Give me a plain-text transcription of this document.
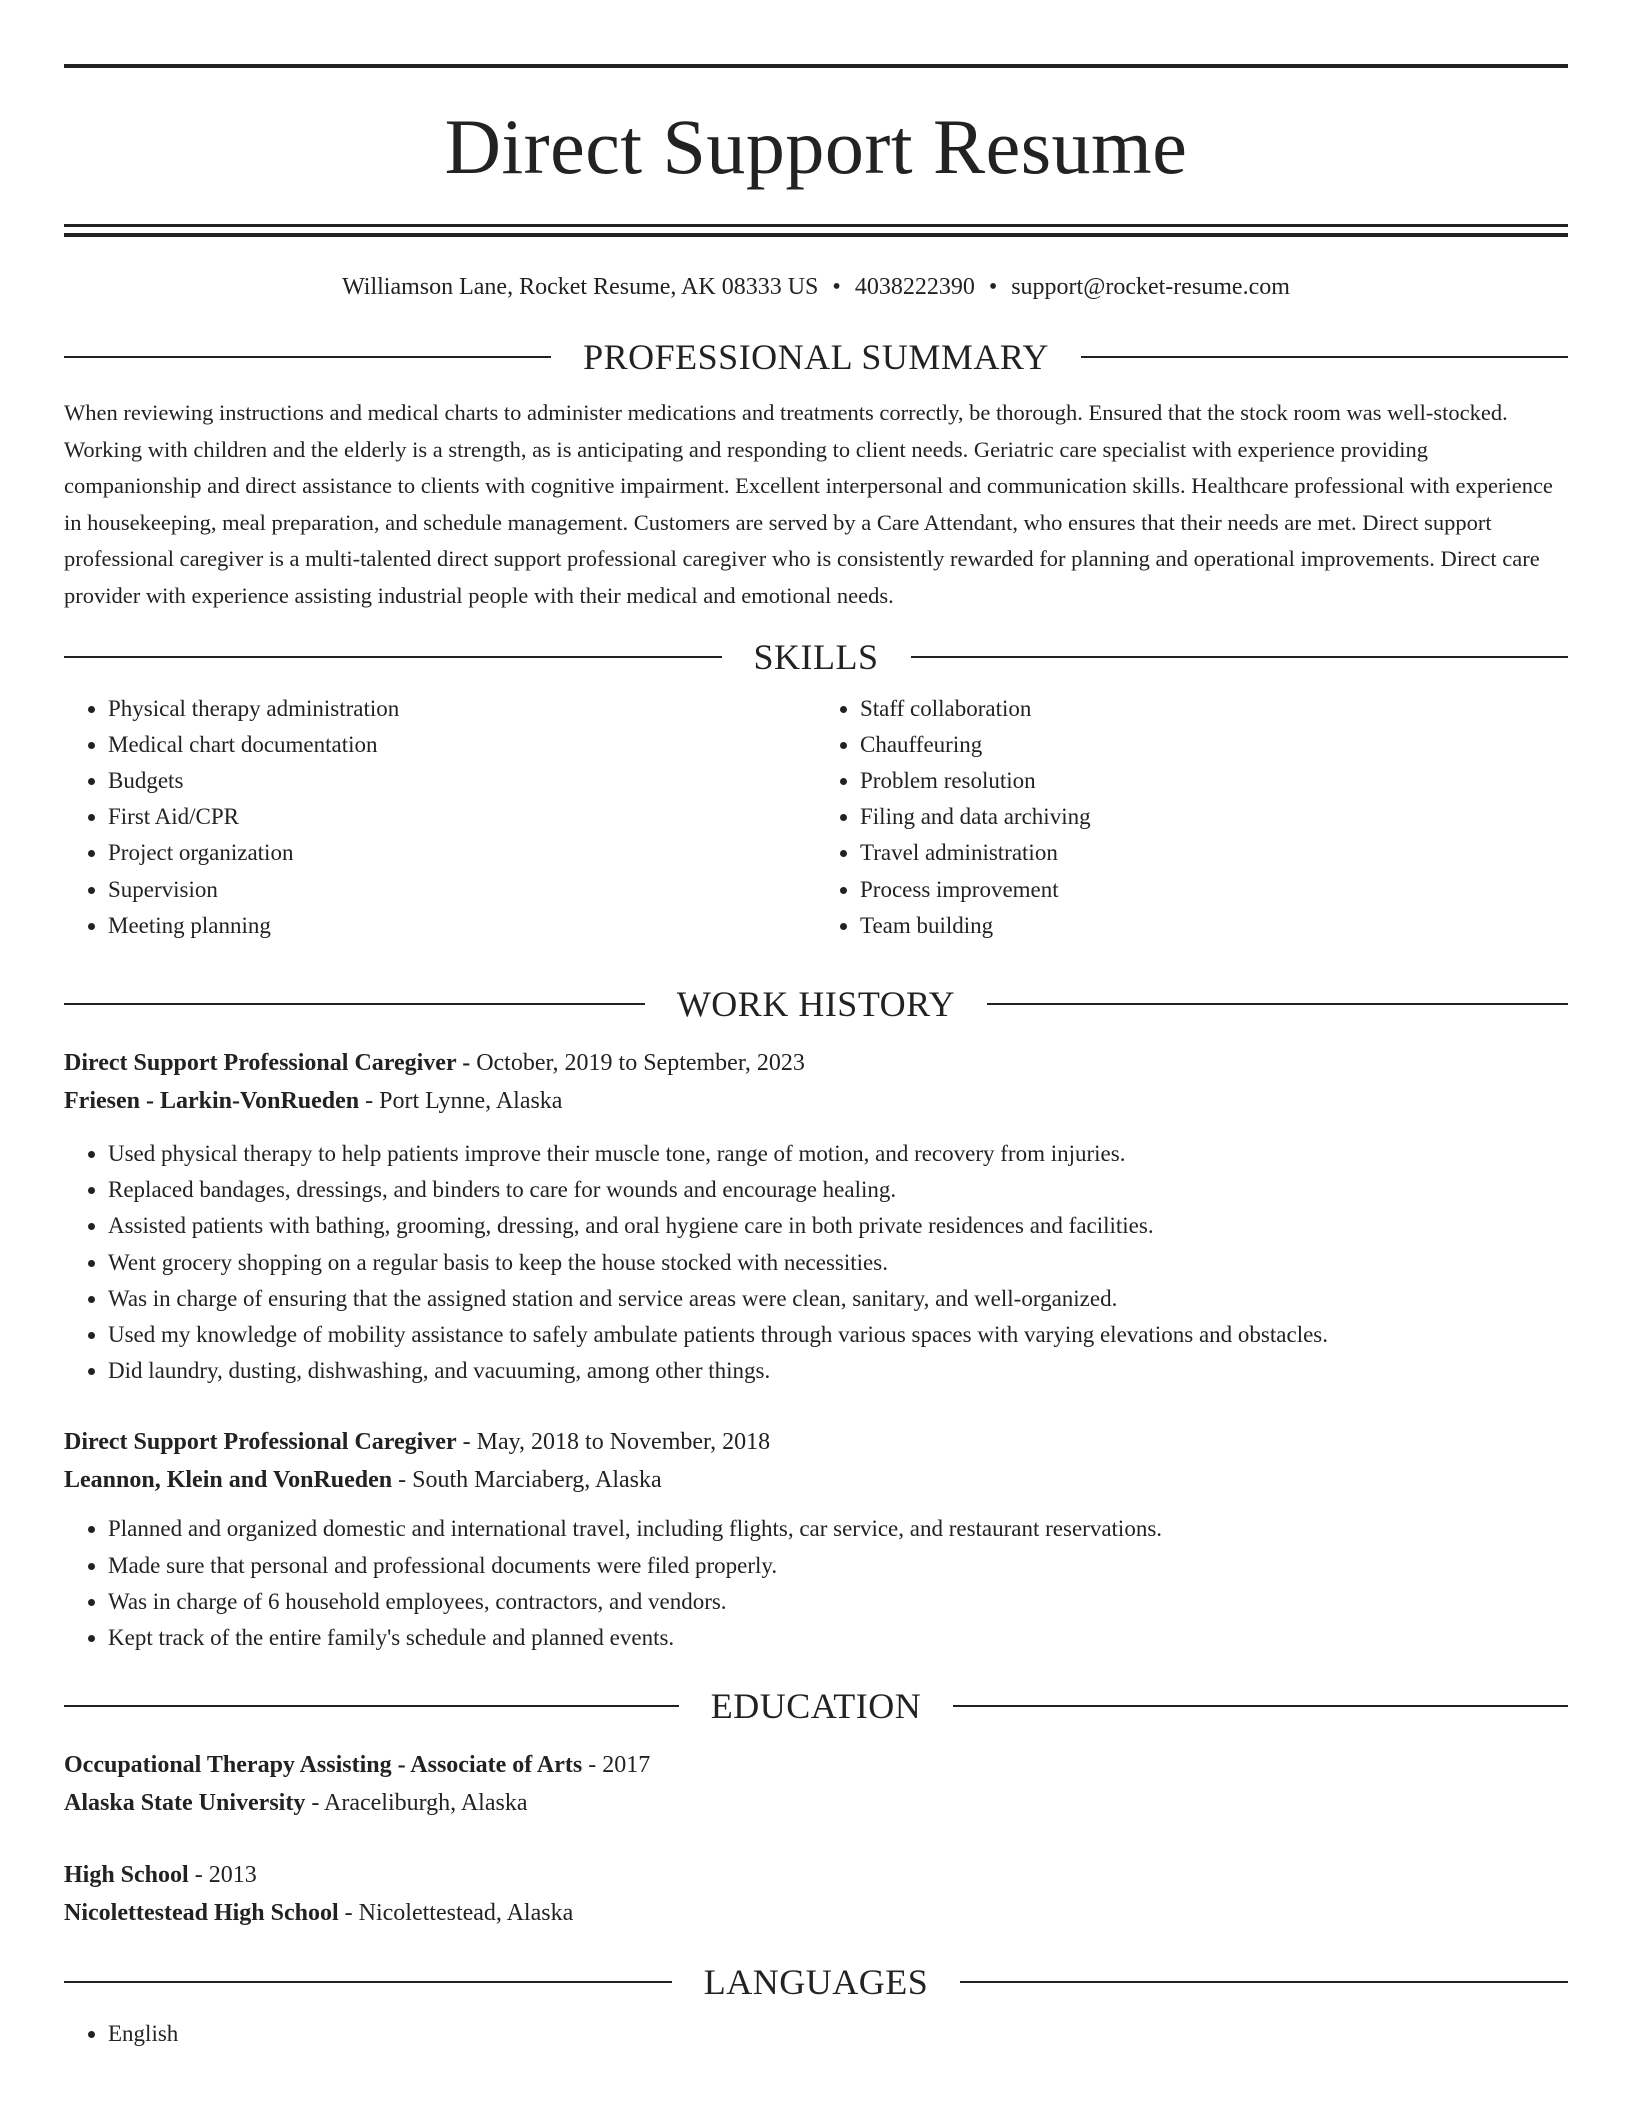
Direct Support Resume
Williamson Lane, Rocket Resume, AK 08333 US • 4038222390 • support@rocket-resume.com
PROFESSIONAL SUMMARY

When reviewing instructions and medical charts to administer medications and treatments correctly, be thorough. Ensured that the stock room was well-stocked. Working with children and the elderly is a strength, as is anticipating and responding to client needs. Geriatric care specialist with experience providing companionship and direct assistance to clients with cognitive impairment. Excellent interpersonal and communication skills. Healthcare professional with experience in housekeeping, meal preparation, and schedule management. Customers are served by a Care Attendant, who ensures that their needs are met. Direct support professional caregiver is a multi-talented direct support professional caregiver who is consistently rewarded for planning and operational improvements. Direct care provider with experience assisting industrial people with their medical and emotional needs.

SKILLS
• Physical therapy administration
• Medical chart documentation
• Budgets
• First Aid/CPR
• Project organization
• Supervision
• Meeting planning
• Staff collaboration
• Chauffeuring
• Problem resolution
• Filing and data archiving
• Travel administration
• Process improvement
• Team building
WORK HISTORY
Direct Support Professional Caregiver - October, 2019 to September, 2023
Friesen - Larkin-VonRueden - Port Lynne, Alaska
• Used physical therapy to help patients improve their muscle tone, range of motion, and recovery from injuries.
• Replaced bandages, dressings, and binders to care for wounds and encourage healing.
• Assisted patients with bathing, grooming, dressing, and oral hygiene care in both private residences and facilities.
• Went grocery shopping on a regular basis to keep the house stocked with necessities.
• Was in charge of ensuring that the assigned station and service areas were clean, sanitary, and well-organized.
• Used my knowledge of mobility assistance to safely ambulate patients through various spaces with varying elevations and obstacles.
• Did laundry, dusting, dishwashing, and vacuuming, among other things.
Direct Support Professional Caregiver - May, 2018 to November, 2018
Leannon, Klein and VonRueden - South Marciaberg, Alaska
• Planned and organized domestic and international travel, including flights, car service, and restaurant reservations.
• Made sure that personal and professional documents were filed properly.
• Was in charge of 6 household employees, contractors, and vendors.
• Kept track of the entire family's schedule and planned events.
EDUCATION
Occupational Therapy Assisting - Associate of Arts - 2017
Alaska State University - Araceliburgh, Alaska
High School - 2013
Nicolettestead High School - Nicolettestead, Alaska
LANGUAGES
• English
